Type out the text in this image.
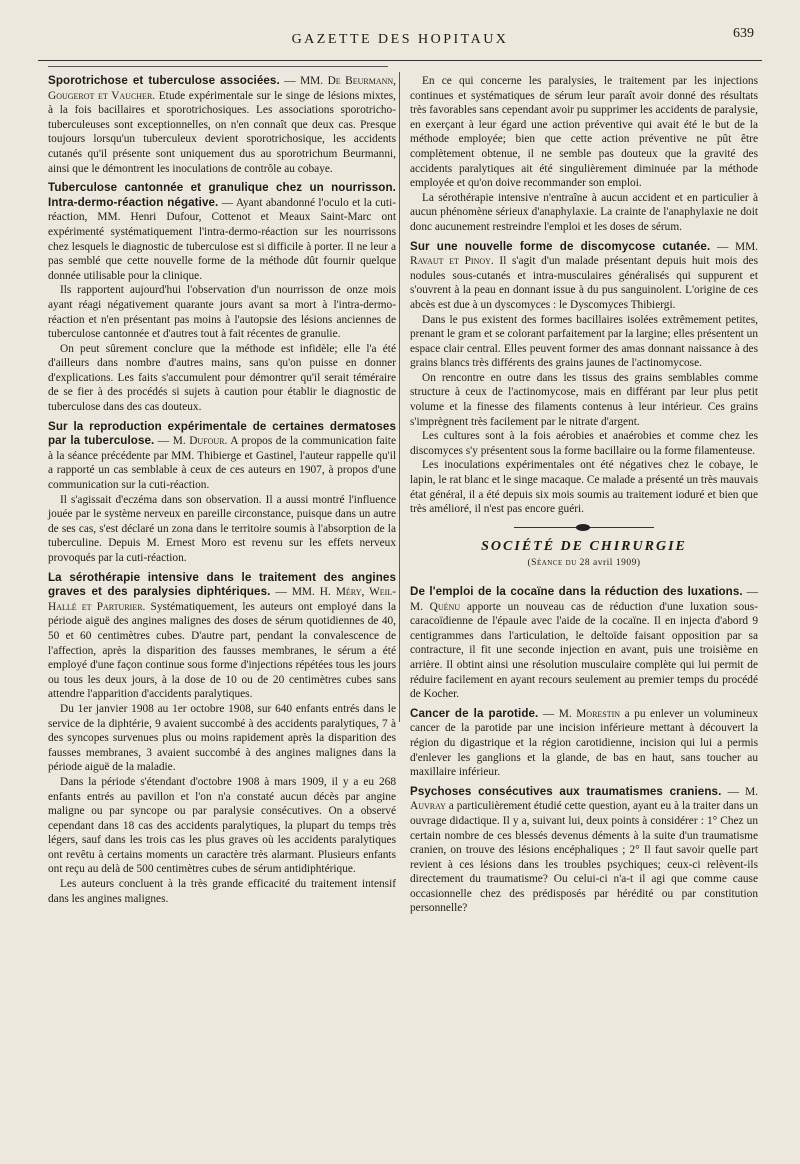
GAZETTE DES HOPITAUX	639

Sporotrichose et tuberculose associées. — MM. De Beurmann, Gougerot et Vaucher. Etude expérimentale sur le singe de lésions mixtes, à la fois bacillaires et sporotrichosiques. Les associations sporotricho-tuberculeuses sont exceptionnelles, on n'en connaît que deux cas. Presque toujours lorsqu'un tuberculeux devient sporotrichosique, les accidents cutanés qu'il présente sont uniquement dus au sporotrichum Beurmanni, ainsi que le démontrent les inoculations de contrôle au cobaye.

Tuberculose cantonnée et granulique chez un nourrisson. Intra-dermo-réaction négative. — Ayant abandonné l'oculo et la cuti-réaction, MM. Henri Dufour, Cottenot et Meaux Saint-Marc ont expérimenté systématiquement l'intra-dermo-réaction sur les nourrissons chez lesquels le diagnostic de tuberculose est si difficile à porter. Il ne leur a pas semblé que cette nouvelle forme de la méthode dût fournir quelque donnée utilisable pour la clinique.

Ils rapportent aujourd'hui l'observation d'un nourrisson de onze mois ayant réagi négativement quarante jours avant sa mort à l'intra-dermo-réaction et n'en présentant pas moins à l'autopsie des lésions anciennes de tuberculose cantonnée et d'autres tout à fait récentes de granulie.

On peut sûrement conclure que la méthode est infidèle; elle l'a été d'ailleurs dans nombre d'autres mains, sans qu'on puisse en donner d'explications. Les faits s'accumulent pour démontrer qu'il serait téméraire de se fier à des procédés si sujets à caution pour établir le diagnostic de tuberculose dans des cas douteux.

Sur la reproduction expérimentale de certaines dermatoses par la tuberculose. — M. Dufour. A propos de la communication faite à la séance précédente par MM. Thibierge et Gastinel, l'auteur rappelle qu'il a rapporté un cas semblable à ceux de ces auteurs en 1907, à propos d'une communication sur la cuti-réaction.

Il s'agissait d'eczéma dans son observation. Il a aussi montré l'influence jouée par le système nerveux en pareille circonstance, puisque dans un autre de ses cas, s'est déclaré un zona dans le territoire soumis à l'absorption de la tuberculine. Depuis M. Ernest Moro est revenu sur les effets nerveux provoqués par la cuti-réaction.

La sérothérapie intensive dans le traitement des angines graves et des paralysies diphtériques. — MM. H. Méry, Weil-Hallé et Parturier. Systématiquement, les auteurs ont employé dans la période aiguë des angines malignes des doses de sérum quotidiennes de 40, 50 et 60 centimètres cubes. D'autre part, pendant la convalescence de l'affection, après la disparition des fausses membranes, le sérum a été employé d'une façon continue sous forme d'injections répétées tous les jours ou tous les deux jours, à la dose de 10 ou de 20 centimètres cubes sans attendre l'apparition d'accidents paralytiques.

Du 1er janvier 1908 au 1er octobre 1908, sur 640 enfants entrés dans le service de la diphtérie, 9 avaient succombé à des accidents paralytiques, 7 à des syncopes survenues plus ou moins rapidement après la disparition des fausses membranes, 3 avaient succombé à des angines malignes dans la période aiguë de la maladie.

Dans la période s'étendant d'octobre 1908 à mars 1909, il y a eu 268 enfants entrés au pavillon et l'on n'a constaté aucun décès par angine maligne ou par syncope ou par paralysie consécutives. On a observé cependant dans 18 cas des accidents paralytiques, la plupart du temps très légers, sauf dans les trois cas les plus graves où les accidents paralytiques ont revêtu à certains moments un caractère très alarmant. Plusieurs enfants ont reçu au delà de 500 centimètres cubes de sérum antidiphtérique.

Les auteurs concluent à la très grande efficacité du traitement intensif dans les angines malignes.

En ce qui concerne les paralysies, le traitement par les injections continues et systématiques de sérum leur paraît avoir donné des résultats très favorables sans cependant avoir pu supprimer les accidents de paralysie, en exerçant à leur égard une action préventive qui avait été le but de la méthode employée; bien que cette action préventive ne pût être complètement obtenue, il ne semble pas douteux que la gravité des accidents paralytiques ait été singulièrement diminuée par la méthode employée et qu'on doive recommander son emploi.

La sérothérapie intensive n'entraîne à aucun accident et en particulier à aucun phénomène sérieux d'anaphylaxie. La crainte de l'anaphylaxie ne doit donc aucunement restreindre l'emploi et les doses de sérum.

Sur une nouvelle forme de discomycose cutanée. — MM. Ravaut et Pinoy. Il s'agit d'un malade présentant depuis huit mois des nodules sous-cutanés et intra-musculaires généralisés qui suppurent et s'ouvrent à la peau en donnant issue à du pus sanguinolent. L'origine de ces abcès est due à un dyscomyces : le Dyscomyces Thibiergi.

Dans le pus existent des formes bacillaires isolées extrêmement petites, prenant le gram et se colorant parfaitement par la largine; elles présentent un espace clair central. Elles peuvent former des amas donnant naissance à des grains blancs très différents des grains jaunes de l'actinomycose.

On rencontre en outre dans les tissus des grains semblables comme structure à ceux de l'actinomycose, mais en différant par leur plus petit volume et la finesse des filaments contenus à leur intérieur. Ces grains s'imprègnent très facilement par le nitrate d'argent.

Les cultures sont à la fois aérobies et anaérobies et comme chez les discomyces s'y présentent sous la forme bacillaire ou la forme filamenteuse.

Les inoculations expérimentales ont été négatives chez le cobaye, le lapin, le rat blanc et le singe macaque. Ce malade a présenté un très mauvais état général, il a été depuis six mois soumis au traitement ioduré et bien que très amélioré, il n'est pas encore guéri.

SOCIÉTÉ DE CHIRURGIE
(Séance du 28 avril 1909)

De l'emploi de la cocaïne dans la réduction des luxations. — M. Quénu apporte un nouveau cas de réduction d'une luxation sous-caracoïdienne de l'épaule avec l'aide de la cocaïne. Il en injecta d'abord 9 centigrammes dans l'articulation, le deltoïde faisant opposition par sa contracture, il fit une seconde injection en avant, puis une troisième en arrière. Il obtint ainsi une résolution musculaire complète qui lui permit de réduire facilement en ayant recours seulement au premier temps du procédé de Kocher.

Cancer de la parotide. — M. Morestin a pu enlever un volumineux cancer de la parotide par une incision inférieure mettant à découvert la région du digastrique et la région carotidienne, incision qui lui a permis d'enlever les ganglions et la glande, de bas en haut, sans toucher au maxillaire inférieur.

Psychoses consécutives aux traumatismes craniens. — M. Auvray a particulièrement étudié cette question, ayant eu à la traiter dans un ouvrage didactique. Il y a, suivant lui, deux points à considérer : 1° Chez un certain nombre de ces blessés devenus déments à la suite d'un traumatisme cranien, on trouve des lésions encéphaliques ; 2° Il faut savoir quelle part revient à ces lésions dans les troubles psychiques; ceux-ci relèvent-ils directement du traumatisme? Ou celui-ci n'a-t il agi que comme cause occasionnelle chez des prédisposés par hérédité ou par constitution personnelle?
